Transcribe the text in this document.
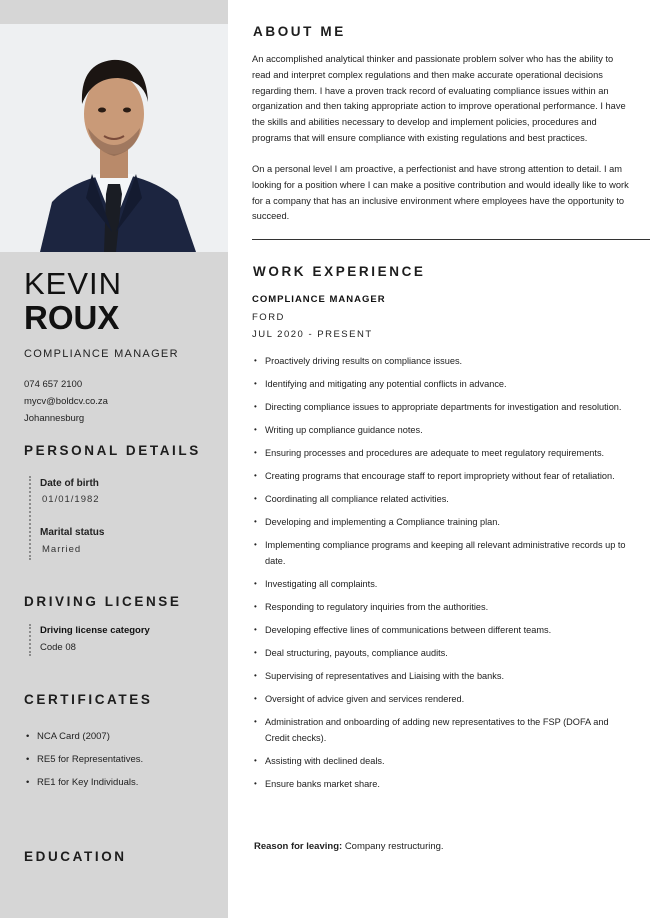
KEVIN
ROUX
COMPLIANCE MANAGER
074 657 2100
mycv@boldcv.co.za
Johannesburg
PERSONAL DETAILS
Date of birth
01/01/1982
Marital status
Married
DRIVING LICENSE
Driving license category
Code 08
CERTIFICATES
• NCA Card (2007)
• RE5 for Representatives.
• RE1 for Key Individuals.
EDUCATION
ABOUT ME
An accomplished analytical thinker and passionate problem solver who has the ability to read and interpret complex regulations and then make accurate operational decisions regarding them. I have a proven track record of evaluating compliance issues within an organization and then taking appropriate action to improve operational performance. I have the skills and abilities necessary to develop and implement policies, procedures and programs that will ensure compliance with existing regulations and best practices.
On a personal level I am proactive, a perfectionist and have strong attention to detail. I am looking for a position where I can make a positive contribution and would ideally like to work for a company that has an inclusive environment where employees have the opportunity to succeed.
WORK EXPERIENCE
COMPLIANCE MANAGER
FORD
JUL 2020 - PRESENT
• Proactively driving results on compliance issues.
• Identifying and mitigating any potential conflicts in advance.
• Directing compliance issues to appropriate departments for investigation and resolution.
• Writing up compliance guidance notes.
• Ensuring processes and procedures are adequate to meet regulatory requirements.
• Creating programs that encourage staff to report impropriety without fear of retaliation.
• Coordinating all compliance related activities.
• Developing and implementing a Compliance training plan.
• Implementing compliance programs and keeping all relevant administrative records up to date.
• Investigating all complaints.
• Responding to regulatory inquiries from the authorities.
• Developing effective lines of communications between different teams.
• Deal structuring, payouts, compliance audits.
• Supervising of representatives and Liaising with the banks.
• Oversight of advice given and services rendered.
• Administration and onboarding of adding new representatives to the FSP (DOFA and Credit checks).
• Assisting with declined deals.
• Ensure banks market share.
Reason for leaving: Company restructuring.
